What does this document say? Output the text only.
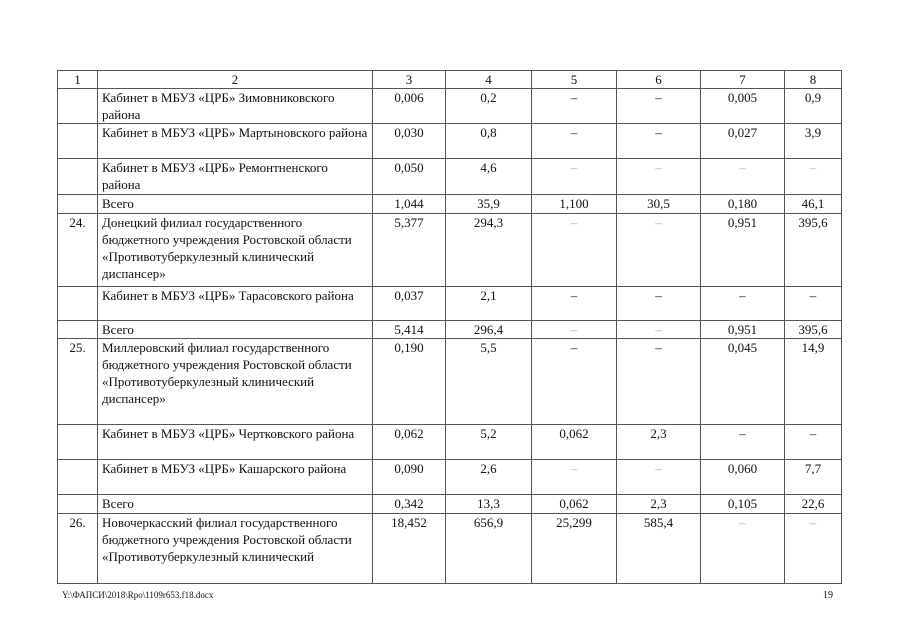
1	2	3	4	5	6	7	8
	Кабинет в МБУЗ «ЦРБ» Зимовниковского района	0,006	0,2	–	–	0,005	0,9
	Кабинет в МБУЗ «ЦРБ» Мартыновского района	0,030	0,8	–	–	0,027	3,9
	Кабинет в МБУЗ «ЦРБ» Ремонтненского района	0,050	4,6	–	–	–	–
	Всего	1,044	35,9	1,100	30,5	0,180	46,1
24.	Донецкий филиал государственного бюджетного учреждения Ростовской области «Противотуберкулезный клинический диспансер»	5,377	294,3	–	–	0,951	395,6
	Кабинет в МБУЗ «ЦРБ» Тарасовского района	0,037	2,1	–	–	–	–
	Всего	5,414	296,4	–	–	0,951	395,6
25.	Миллеровский филиал государственного бюджетного учреждения Ростовской области «Противотуберкулезный клинический диспансер»	0,190	5,5	–	–	0,045	14,9
	Кабинет в МБУЗ «ЦРБ» Чертковского района	0,062	5,2	0,062	2,3	–	–
	Кабинет в МБУЗ «ЦРБ» Кашарского района	0,090	2,6	–	–	0,060	7,7
	Всего	0,342	13,3	0,062	2,3	0,105	22,6
26.	Новочеркасский филиал государственного бюджетного учреждения Ростовской области «Противотуберкулезный клинический	18,452	656,9	25,299	585,4	–	–
Y:\ФАПСИ\2018\Rpo\1109r653.f18.docx	19
